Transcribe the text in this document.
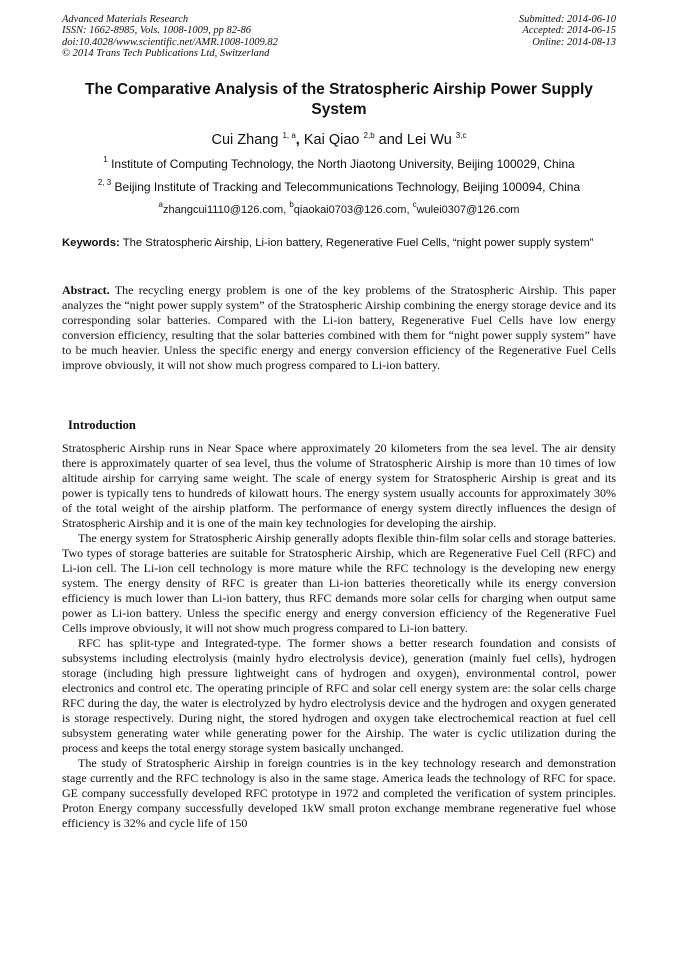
Advanced Materials Research
ISSN: 1662-8985, Vols. 1008-1009, pp 82-86
doi:10.4028/www.scientific.net/AMR.1008-1009.82
© 2014 Trans Tech Publications Ltd, Switzerland
Submitted: 2014-06-10
Accepted: 2014-06-15
Online: 2014-08-13
The Comparative Analysis of the Stratospheric Airship Power Supply System
Cui Zhang $^{1, a}$, Kai Qiao $^{2,b}$ and Lei Wu $^{3,c}$
$^1$ Institute of Computing Technology, the North Jiaotong University, Beijing 100029, China
$^{2, 3}$ Beijing Institute of Tracking and Telecommunications Technology, Beijing 100094, China
$^a$zhangcui1110@126.com, $^b$qiaokai0703@126.com, $^c$wulei0307@126.com
Keywords: The Stratospheric Airship, Li-ion battery, Regenerative Fuel Cells, “night power supply system”
Abstract. The recycling energy problem is one of the key problems of the Stratospheric Airship. This paper analyzes the “night power supply system” of the Stratospheric Airship combining the energy storage device and its corresponding solar batteries. Compared with the Li-ion battery, Regenerative Fuel Cells have low energy conversion efficiency, resulting that the solar batteries combined with them for “night power supply system” have to be much heavier. Unless the specific energy and energy conversion efficiency of the Regenerative Fuel Cells improve obviously, it will not show much progress compared to Li-ion battery.
Introduction

Stratospheric Airship runs in Near Space where approximately 20 kilometers from the sea level. The air density there is approximately quarter of sea level, thus the volume of Stratospheric Airship is more than 10 times of low altitude airship for carrying same weight. The scale of energy system for Stratospheric Airship is great and its power is typically tens to hundreds of kilowatt hours. The energy system usually accounts for approximately 30% of the total weight of the airship platform. The performance of energy system directly influences the design of Stratospheric Airship and it is one of the main key technologies for developing the airship.

The energy system for Stratospheric Airship generally adopts flexible thin-film solar cells and storage batteries. Two types of storage batteries are suitable for Stratospheric Airship, which are Regenerative Fuel Cell (RFC) and Li-ion cell. The Li-ion cell technology is more mature while the RFC technology is the developing new energy system. The energy density of RFC is greater than Li-ion batteries theoretically while its energy conversion efficiency is much lower than Li-ion battery, thus RFC demands more solar cells for charging when output same power as Li-ion battery. Unless the specific energy and energy conversion efficiency of the Regenerative Fuel Cells improve obviously, it will not show much progress compared to Li-ion battery.

RFC has split-type and Integrated-type. The former shows a better research foundation and consists of subsystems including electrolysis (mainly hydro electrolysis device), generation (mainly fuel cells), hydrogen storage (including high pressure lightweight cans of hydrogen and oxygen), environmental control, power electronics and control etc. The operating principle of RFC and solar cell energy system are: the solar cells charge RFC during the day, the water is electrolyzed by hydro electrolysis device and the hydrogen and oxygen generated is storage respectively. During night, the stored hydrogen and oxygen take electrochemical reaction at fuel cell subsystem generating water while generating power for the Airship. The water is cyclic utilization during the process and keeps the total energy storage system basically unchanged.

The study of Stratospheric Airship in foreign countries is in the key technology research and demonstration stage currently and the RFC technology is also in the same stage. America leads the technology of RFC for space. GE company successfully developed RFC prototype in 1972 and completed the verification of system principles. Proton Energy company successfully developed 1kW small proton exchange membrane regenerative fuel whose efficiency is 32% and cycle life of 150
